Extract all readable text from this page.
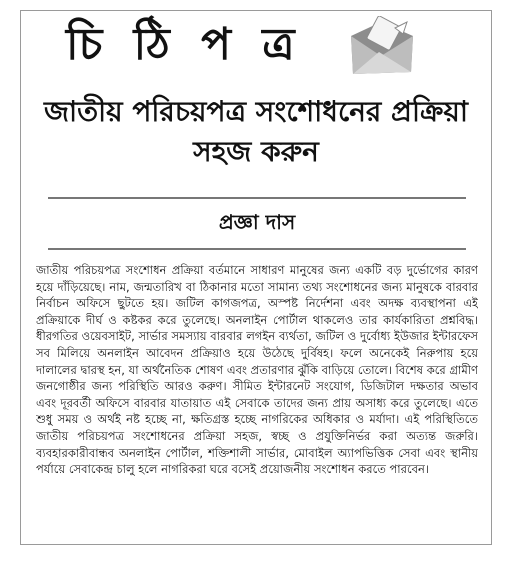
চি ঠি প ত্র
জাতীয় পরিচয়পত্র সংশোধনের প্রক্রিয়া সহজ করুন
প্রজ্ঞা দাস

জাতীয় পরিচয়পত্র সংশোধন প্রক্রিয়া বর্তমানে সাধারণ মানুষের জন্য একটি বড় দুর্ভোগের কারণ হয়ে দাঁড়িয়েছে। নাম, জন্মতারিখ বা ঠিকানার মতো সামান্য তথ্য সংশোধনের জন্য মানুষকে বারবার নির্বাচন অফিসে ছুটতে হয়। জটিল কাগজপত্র, অস্পষ্ট নির্দেশনা এবং অদক্ষ ব্যবস্থাপনা এই প্রক্রিয়াকে দীর্ঘ ও কষ্টকর করে তুলেছে। অনলাইন পোর্টাল থাকলেও তার কার্যকারিতা প্রশ্নবিদ্ধ। ধীরগতির ওয়েবসাইট, সার্ভার সমস্যায় বারবার লগইন ব্যর্থতা, জটিল ও দুর্বোধ্য ইউজার ইন্টারফেস সব মিলিয়ে অনলাইন আবেদন প্রক্রিয়াও হয়ে উঠেছে দুর্বিষহ। ফলে অনেকেই নিরুপায় হয়ে দালালের দ্বারস্থ হন, যা অর্থনৈতিক শোষণ এবং প্রতারণার ঝুঁকি বাড়িয়ে তোলে। বিশেষ করে গ্রামীণ জনগোষ্ঠীর জন্য পরিস্থিতি আরও করুণ। সীমিত ইন্টারনেট সংযোগ, ডিজিটাল দক্ষতার অভাব এবং দূরবর্তী অফিসে বারবার যাতায়াত এই সেবাকে তাদের জন্য প্রায় অসাধ্য করে তুলেছে। এতে শুধু সময় ও অর্থই নষ্ট হচ্ছে না, ক্ষতিগ্রস্ত হচ্ছে নাগরিকের অধিকার ও মর্যাদা। এই পরিস্থিতিতে জাতীয় পরিচয়পত্র সংশোধনের প্রক্রিয়া সহজ, স্বচ্ছ ও প্রযুক্তিনির্ভর করা অত্যন্ত জরুরি। ব্যবহারকারীবান্ধব অনলাইন পোর্টাল, শক্তিশালী সার্ভার, মোবাইল অ্যাপভিত্তিক সেবা এবং স্থানীয় পর্যায়ে সেবাকেন্দ্র চালু হলে নাগরিকরা ঘরে বসেই প্রয়োজনীয় সংশোধন করতে পারবেন।
